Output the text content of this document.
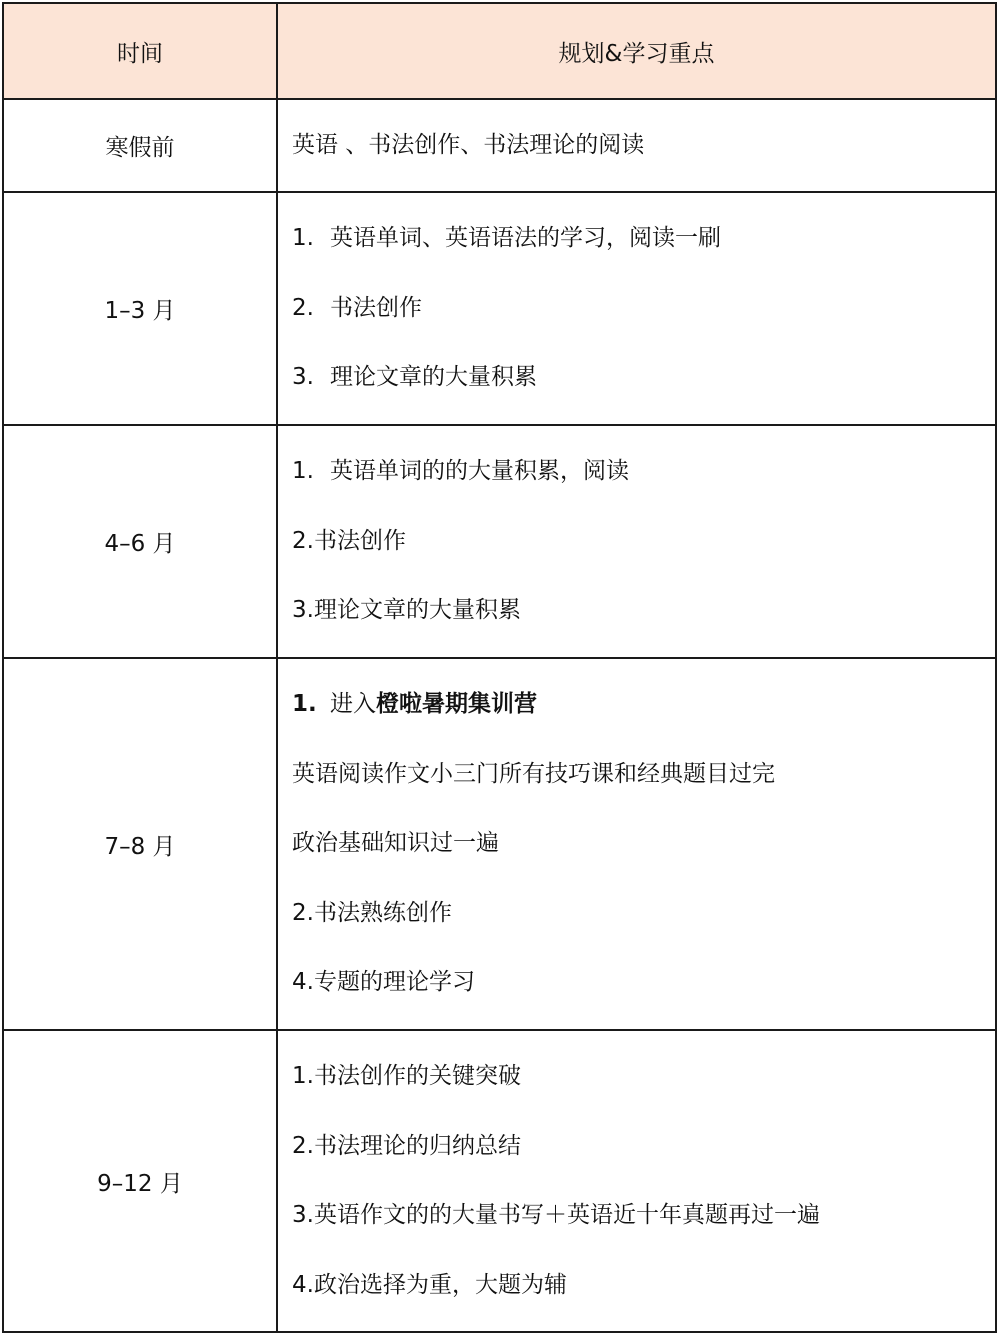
时间	规划&学习重点
寒假前	英语 、书法创作、书法理论的阅读

1–3 月	1. 英语单词、英语语法的学习，阅读一刷
2. 书法创作
3. 理论文章的大量积累

4–6 月	1. 英语单词的的大量积累，阅读
2.书法创作
3.理论文章的大量积累

7–8 月	1. 进入橙啦暑期集训营
英语阅读作文小三门所有技巧课和经典题目过完
政治基础知识过一遍
2.书法熟练创作
4.专题的理论学习

9–12 月	1.书法创作的关键突破
2.书法理论的归纳总结
3.英语作文的的大量书写＋英语近十年真题再过一遍
4.政治选择为重，大题为辅
